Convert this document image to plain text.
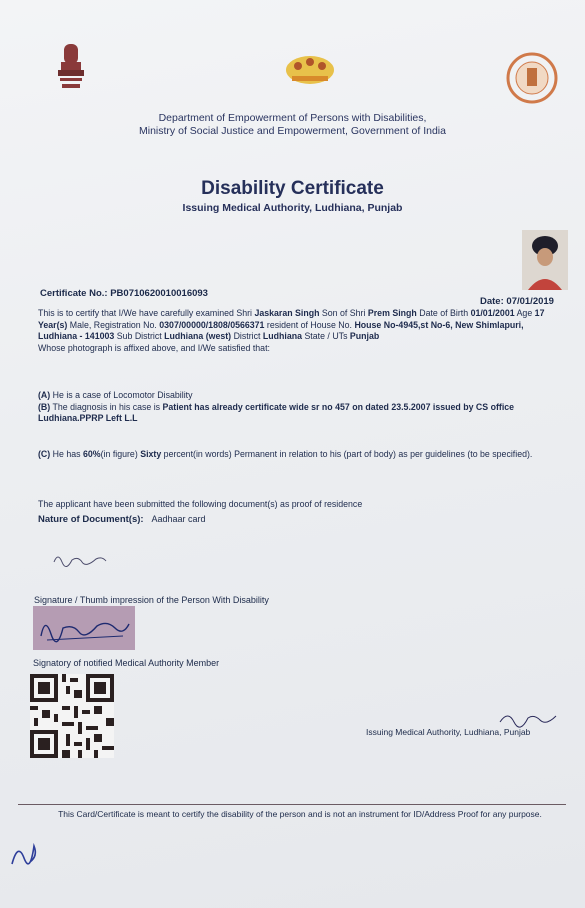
Department of Empowerment of Persons with Disabilities,
Ministry of Social Justice and Empowerment, Government of India
Disability Certificate
Issuing Medical Authority, Ludhiana, Punjab
Certificate No.: PB0710620010016093
Date: 07/01/2019
This is to certify that I/We have carefully examined Shri Jaskaran Singh Son of Shri Prem Singh Date of Birth 01/01/2001 Age 17 Year(s) Male, Registration No. 0307/00000/1808/0566371 resident of House No. House No-4945,st No-6, New Shimlapuri, Ludhiana - 141003 Sub District Ludhiana (west) District Ludhiana State / UTs Punjab
Whose photograph is affixed above, and I/We satisfied that:
(A) He is a case of Locomotor Disability
(B) The diagnosis in his case is Patient has already certificate wide sr no 457 on dated 23.5.2007 issued by CS office Ludhiana.PPRP Left L.L
(C) He has 60%(in figure) Sixty percent(in words) Permanent in relation to his (part of body) as per guidelines (to be specified).
The applicant have been submitted the following document(s) as proof of residence
Nature of Document(s): Aadhaar card
Signature / Thumb impression of the Person With Disability
Signatory of notified Medical Authority Member
Issuing Medical Authority, Ludhiana, Punjab
This Card/Certificate is meant to certify the disability of the person and is not an instrument for ID/Address Proof for any purpose.
